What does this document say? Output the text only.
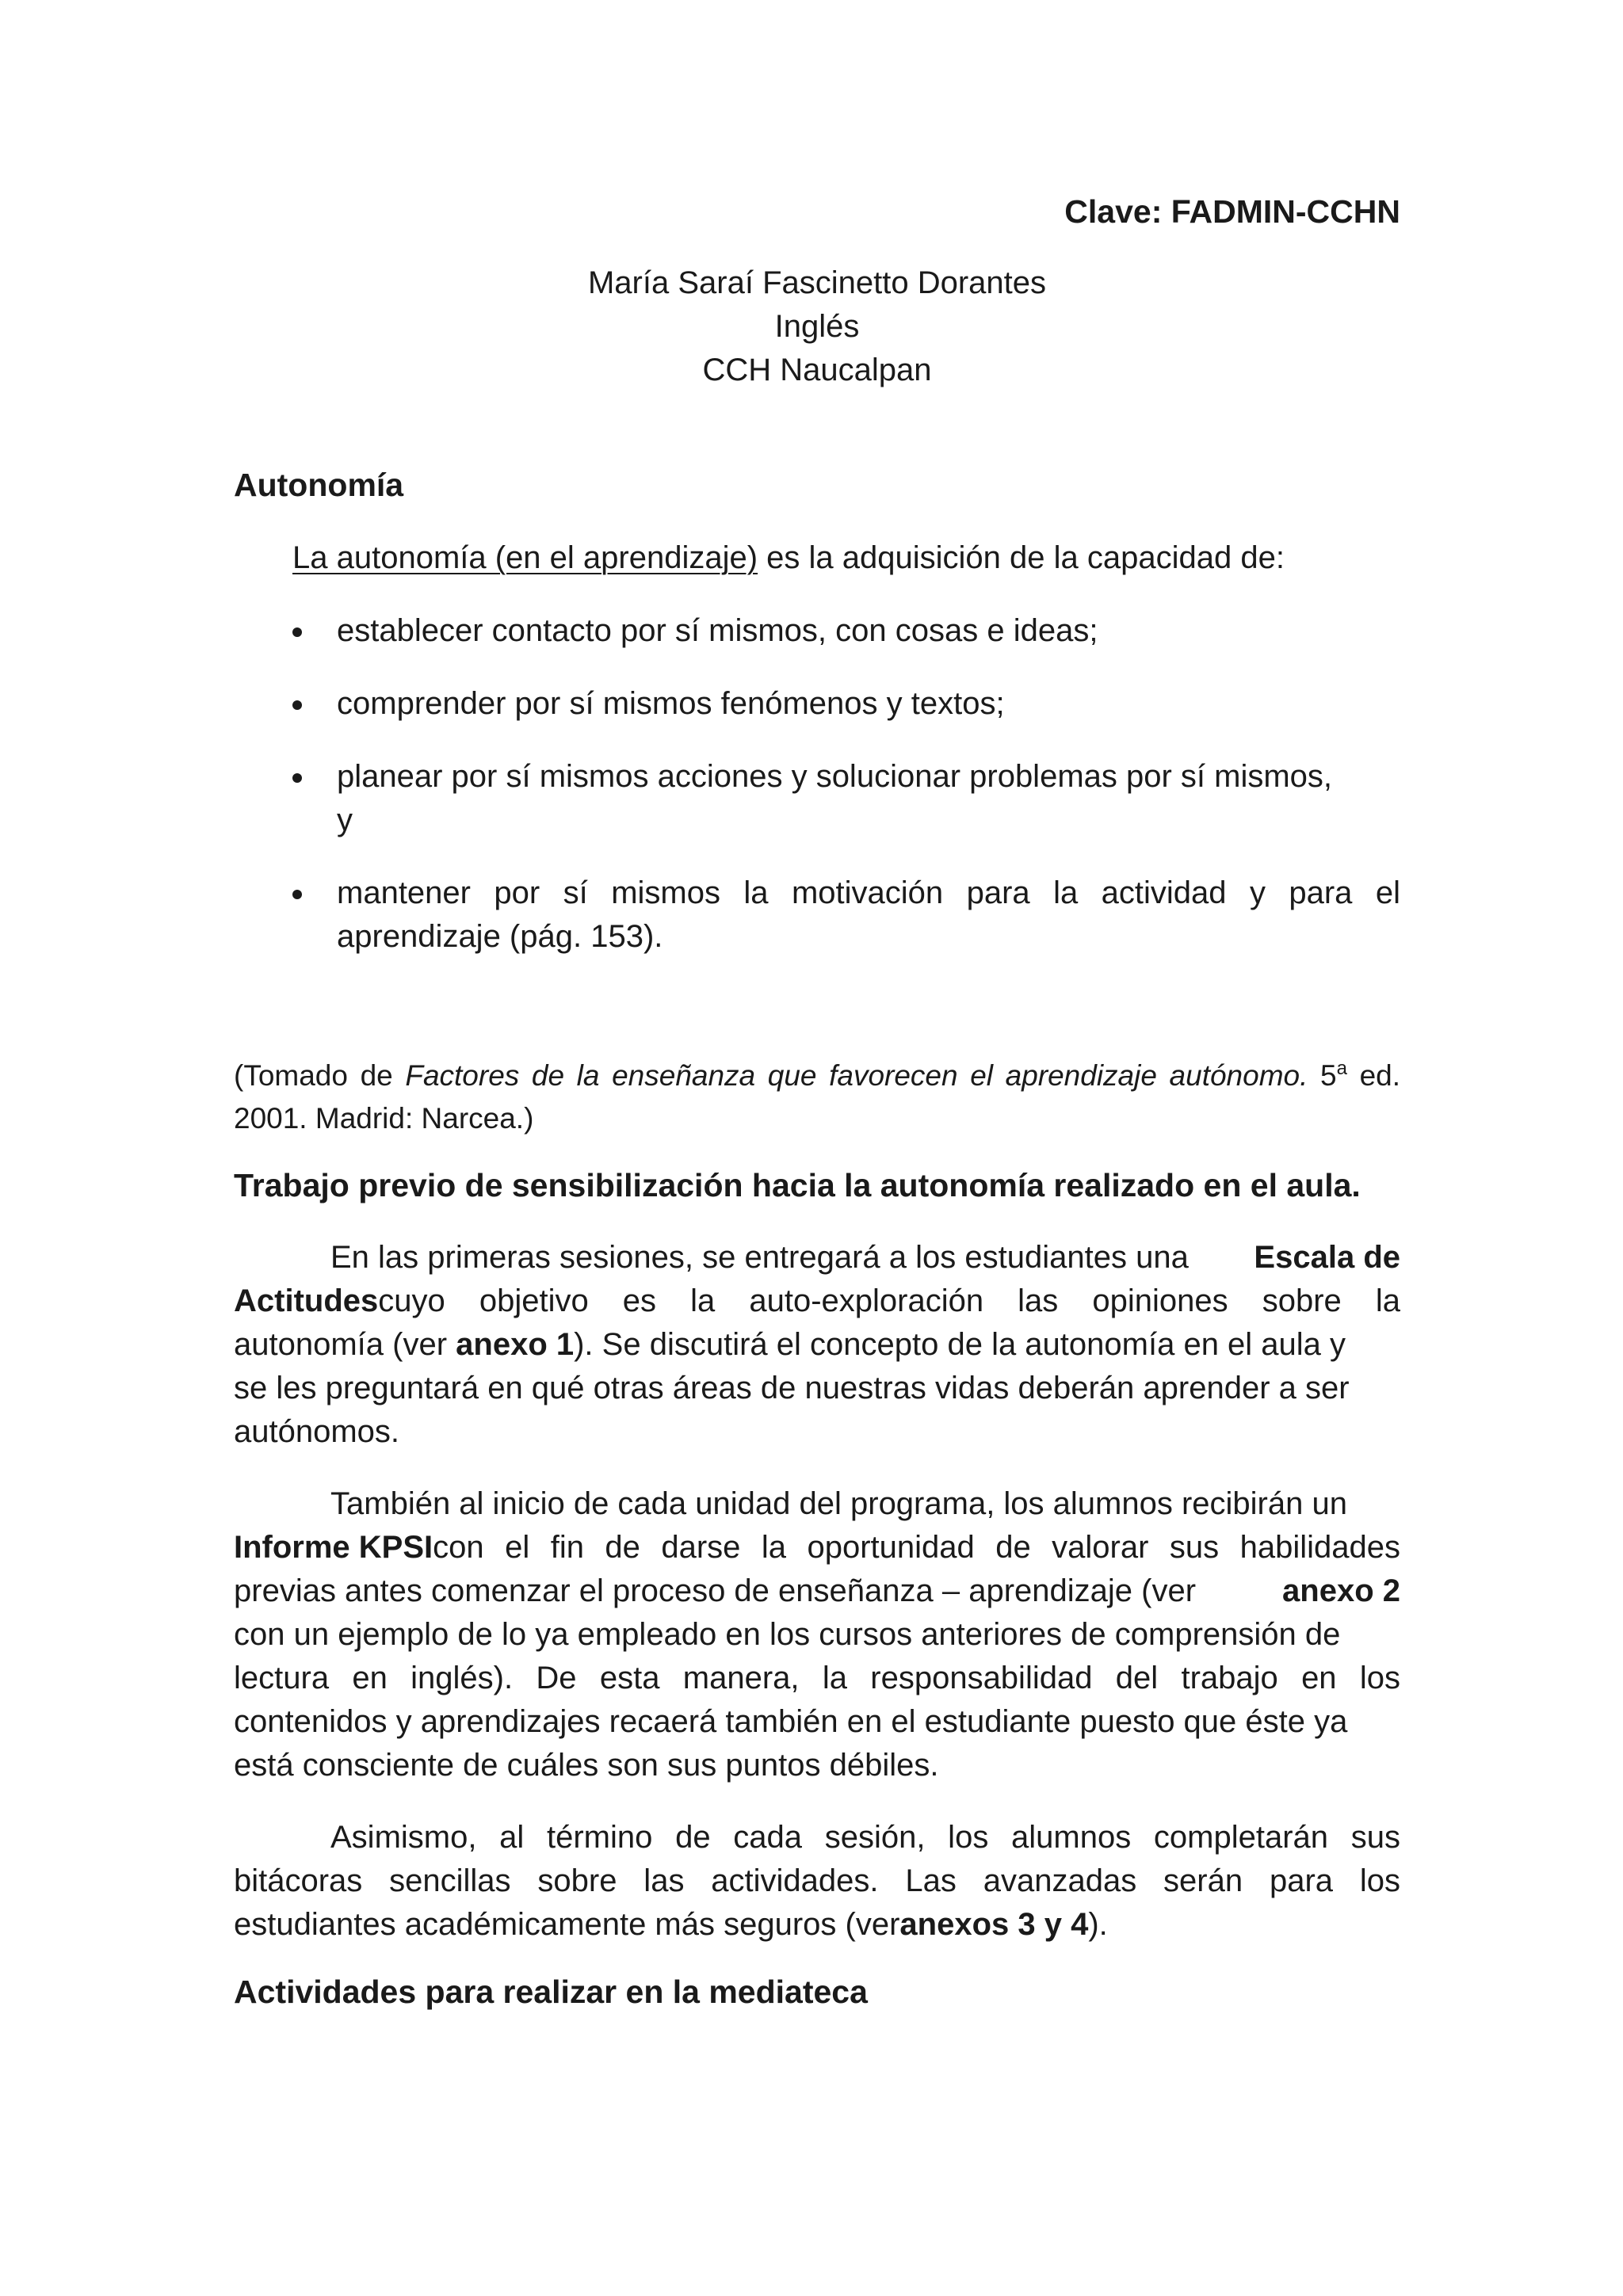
Clave: FADMIN-CCHN
María Saraí Fascinetto Dorantes
Inglés
CCH Naucalpan
Autonomía
La autonomía (en el aprendizaje) es la adquisición de la capacidad de:
establecer contacto por sí mismos, con cosas e ideas;
comprender por sí mismos fenómenos y textos;
planear por sí mismos acciones y solucionar problemas por sí mismos,
y
mantener por sí mismos la motivación para la actividad y para el
aprendizaje (pág. 153).
(Tomado de Factores de la enseñanza que favorecen el aprendizaje autónomo. 5$^a$ ed.
2001. Madrid: Narcea.)
Trabajo previo de sensibilización hacia la autonomía realizado en el aula.
En las primeras sesiones, se entregará a los estudiantes una Escala de
Actitudes cuyo objetivo es la auto-exploración las opiniones sobre la
autonomía (ver anexo 1). Se discutirá el concepto de la autonomía en el aula y
se les preguntará en qué otras áreas de nuestras vidas deberán aprender a ser
autónomos.
También al inicio de cada unidad del programa, los alumnos recibirán un
Informe KPSI con el fin de darse la oportunidad de valorar sus habilidades
previas antes comenzar el proceso de enseñanza – aprendizaje (ver	anexo 2
con un ejemplo de lo ya empleado en los cursos anteriores de comprensión de
lectura en inglés). De esta manera, la responsabilidad del trabajo en los
contenidos y aprendizajes recaerá también en el estudiante puesto que éste ya
está consciente de cuáles son sus puntos débiles.
Asimismo, al término de cada sesión, los alumnos completarán sus
bitácoras sencillas sobre las actividades. Las avanzadas serán para los
estudiantes académicamente más seguros (ver anexos 3 y 4 ).
Actividades para realizar en la mediateca
